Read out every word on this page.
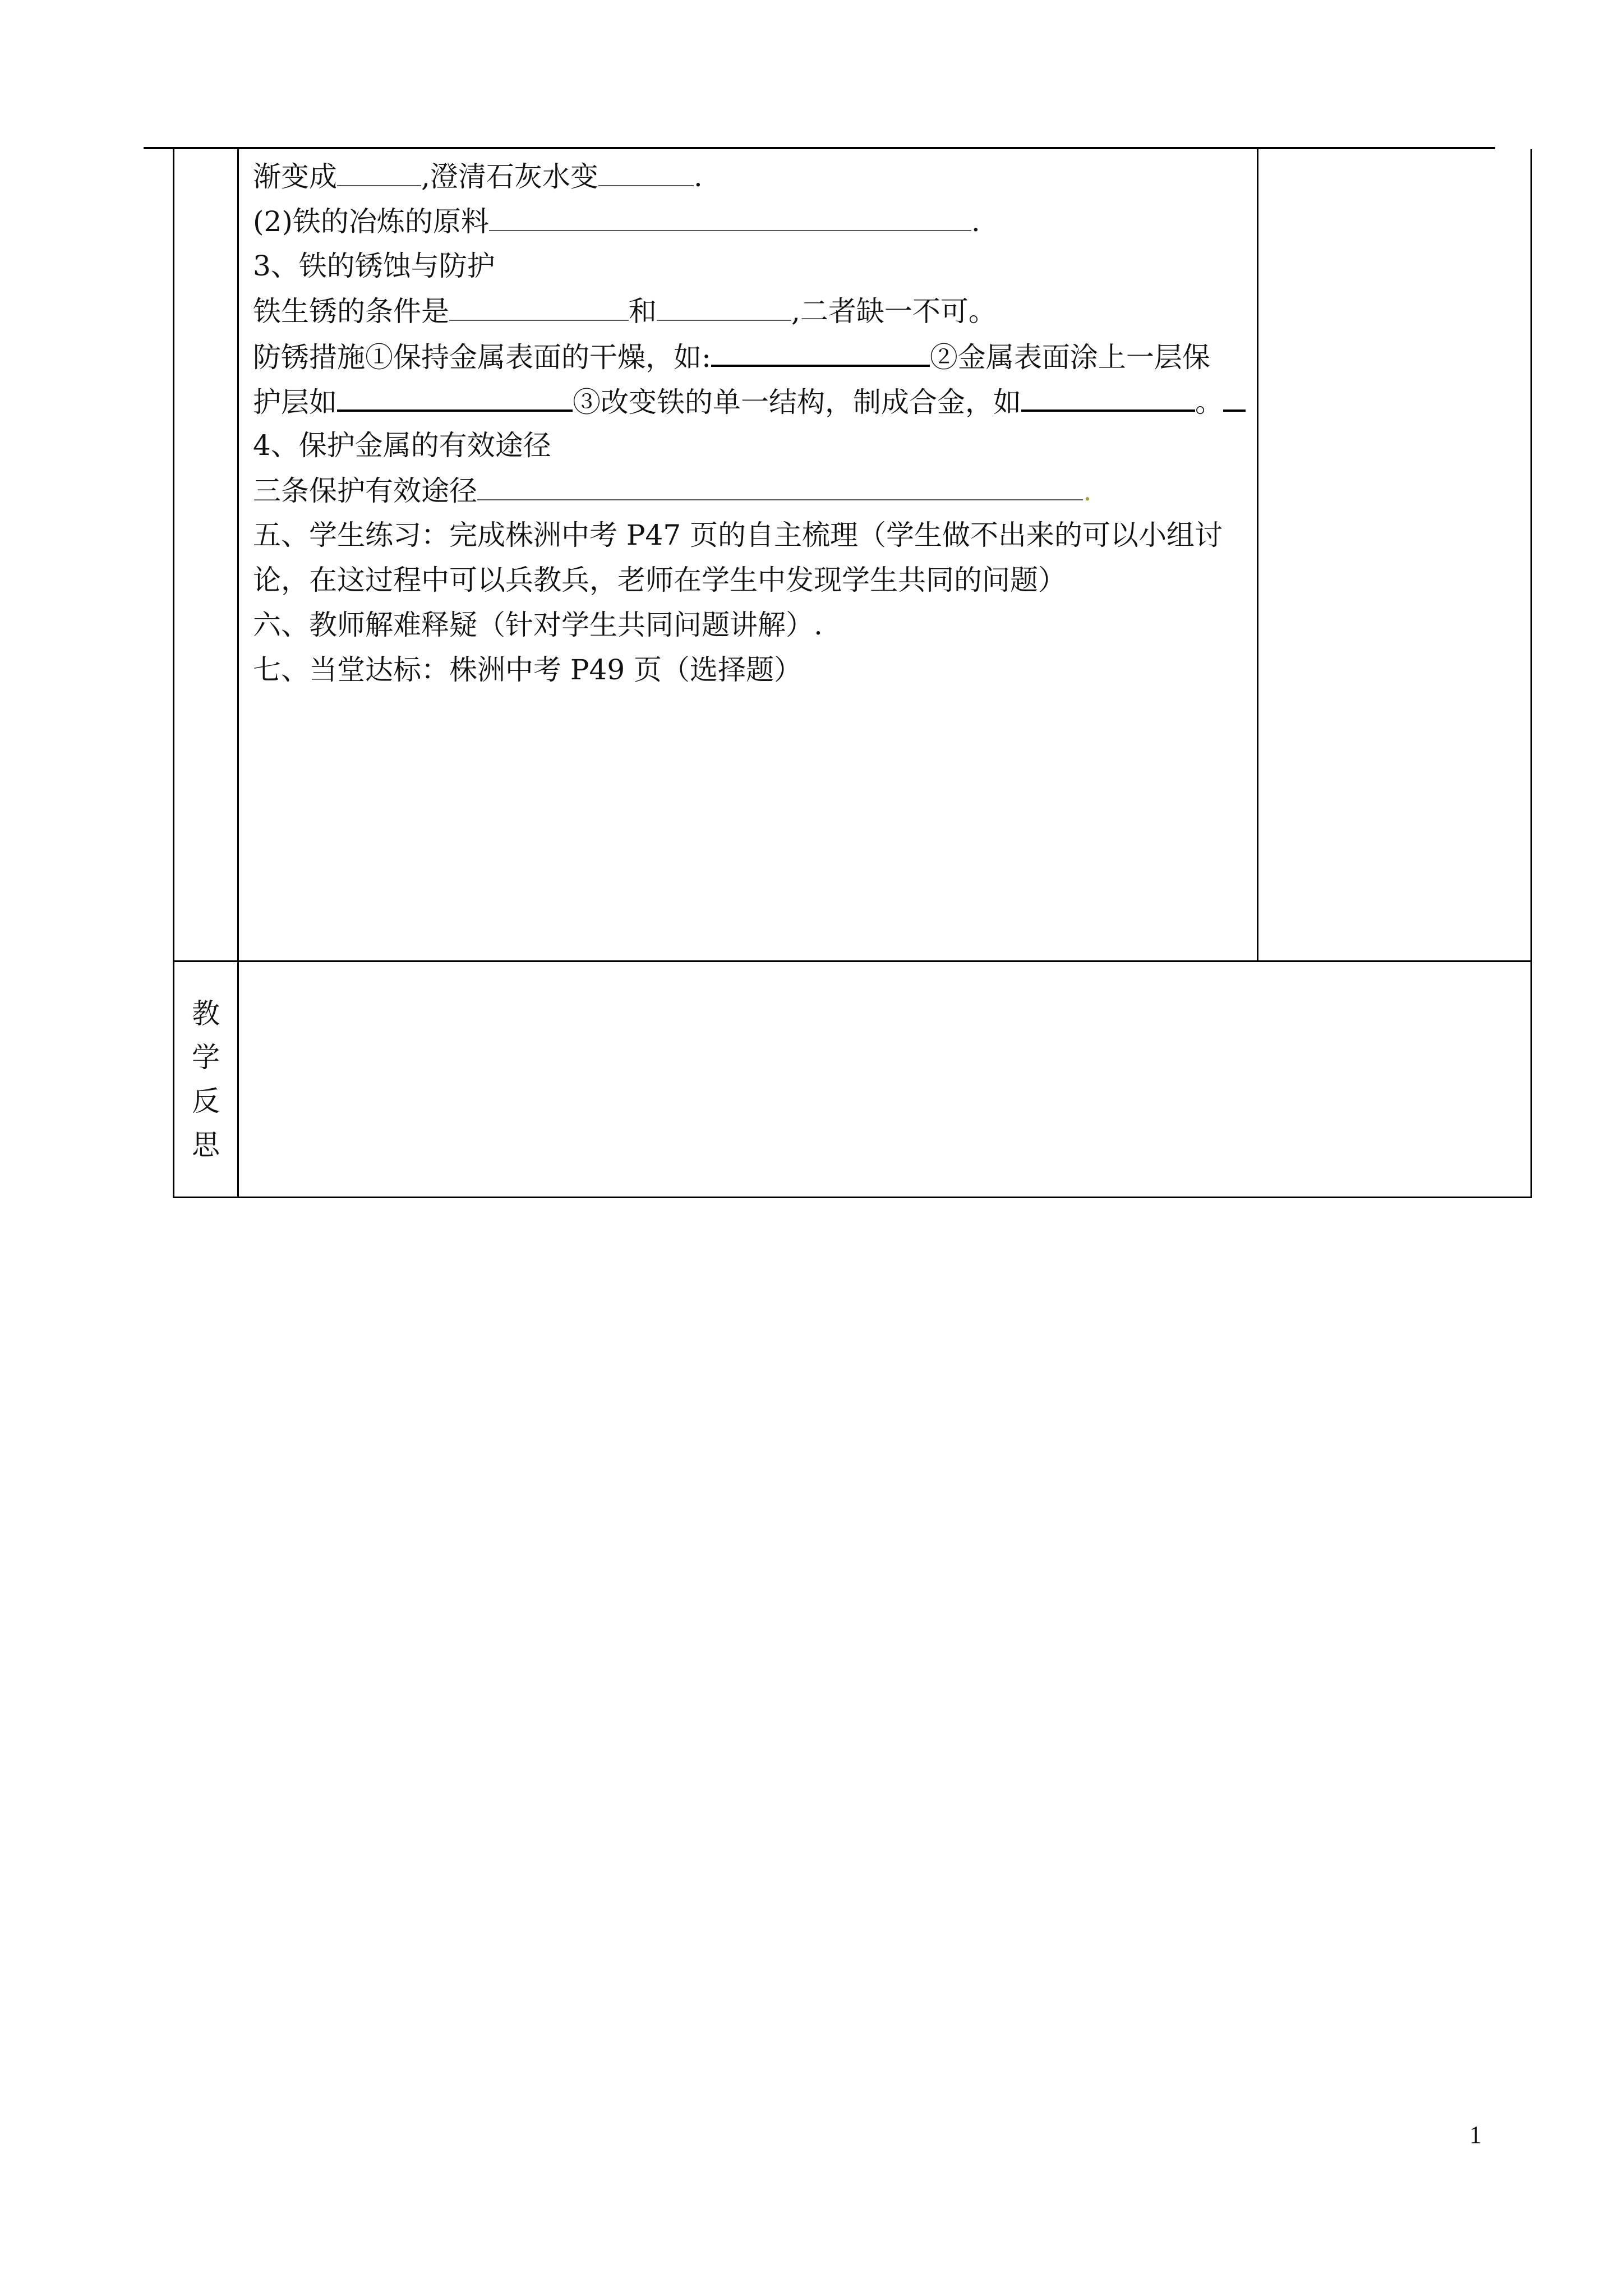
渐变成	,澄清石灰水变	.
(2)铁的冶炼的原料	.
3、铁的锈蚀与防护
铁生锈的条件是	和	,二者缺一不可。
防锈措施①保持金属表面的干燥，如:	②金属表面涂上一层保
护层如	③改变铁的单一结构，制成合金，如	。
4、保护金属的有效途径
三条保护有效途径	.
五、学生练习：完成株洲中考 P47 页的自主梳理（学生做不出来的可以小组讨
论，在这过程中可以兵教兵，老师在学生中发现学生共同的问题）
六、教师解难释疑（针对学生共同问题讲解）.
七、当堂达标：株洲中考 P49 页（选择题）
教
学
反
思
1
